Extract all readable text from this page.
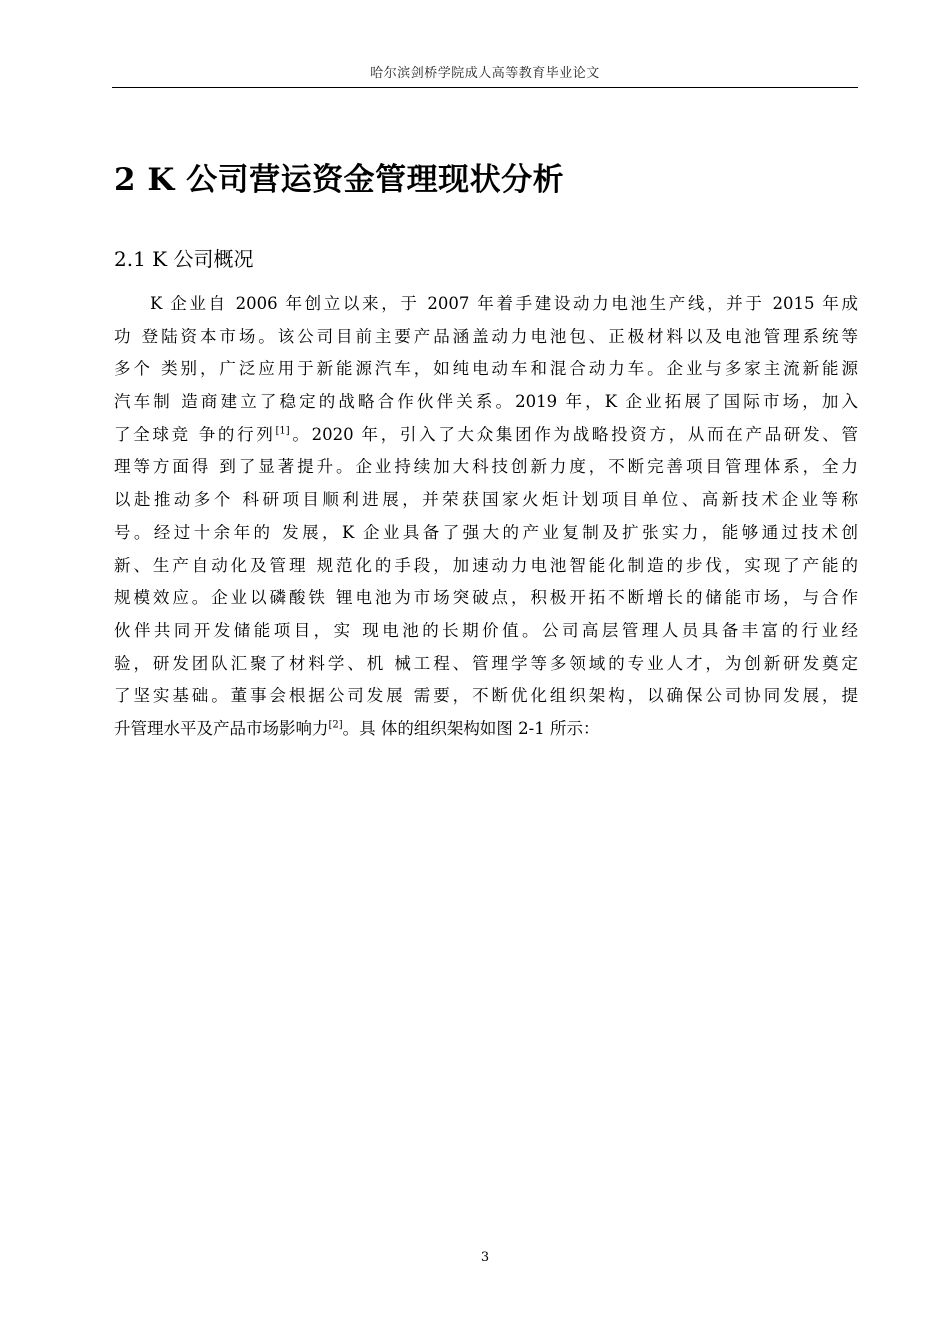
哈尔滨剑桥学院成人高等教育毕业论文
2 K 公司营运资金管理现状分析
2.1 K 公司概况
K 企业自 2006 年创立以来，于 2007 年着手建设动力电池生产线，并于 2015 年成
功 登陆资本市场。该公司目前主要产品涵盖动力电池包、正极材料以及电池管理系统等
多个 类别，广泛应用于新能源汽车，如纯电动车和混合动力车。企业与多家主流新能源
汽车制 造商建立了稳定的战略合作伙伴关系。2019 年，K 企业拓展了国际市场，加入
了全球竞 争的行列[1]。2020 年，引入了大众集团作为战略投资方，从而在产品研发、管
理等方面得 到了显著提升。企业持续加大科技创新力度，不断完善项目管理体系，全力
以赴推动多个 科研项目顺利进展，并荣获国家火炬计划项目单位、高新技术企业等称
号。经过十余年的 发展，K 企业具备了强大的产业复制及扩张实力，能够通过技术创
新、生产自动化及管理 规范化的手段，加速动力电池智能化制造的步伐，实现了产能的
规模效应。企业以磷酸铁 锂电池为市场突破点，积极开拓不断增长的储能市场，与合作
伙伴共同开发储能项目，实 现电池的长期价值。公司高层管理人员具备丰富的行业经
验，研发团队汇聚了材料学、机 械工程、管理学等多领域的专业人才，为创新研发奠定
了坚实基础。董事会根据公司发展 需要，不断优化组织架构，以确保公司协同发展，提
升管理水平及产品市场影响力[2]。具 体的组织架构如图 2-1 所示：
3
